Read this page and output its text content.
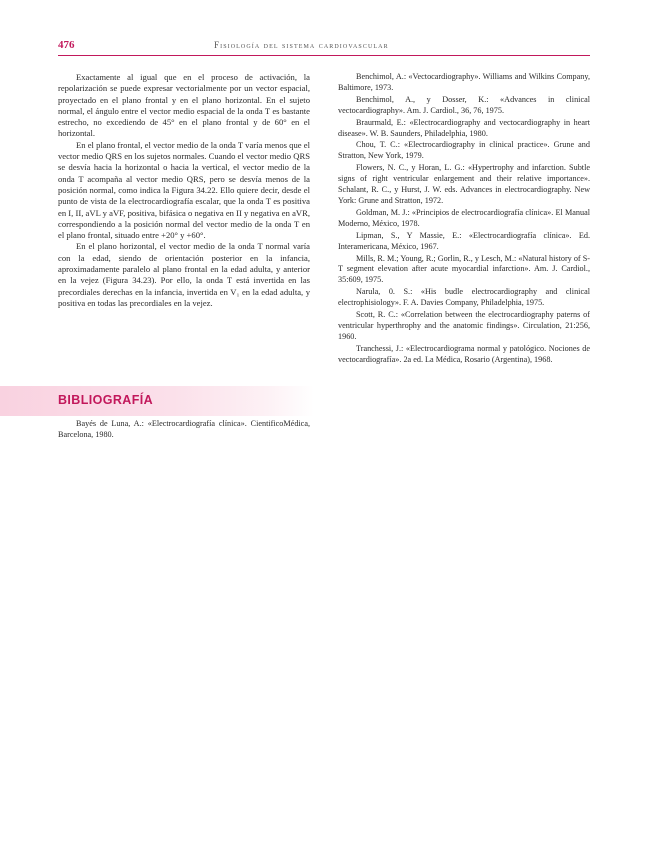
476	Fisiología del sistema cardiovascular

Exactamente al igual que en el proceso de activación, la repolarización se puede expresar vectorialmente por un vector espacial, proyectado en el plano frontal y en el plano horizontal. En el sujeto normal, el ángulo entre el vector medio espacial de la onda T es bastante estrecho, no excediendo de 45° en el plano frontal y de 60° en el horizontal.

En el plano frontal, el vector medio de la onda T varía menos que el vector medio QRS en los sujetos normales. Cuando el vector medio QRS se desvía hacia la horizontal o hacia la vertical, el vector medio de la onda T acompaña al vector medio QRS, pero se desvía menos de la posición normal, como indica la Figura 34.22. Ello quiere decir, desde el punto de vista de la electrocardiografía escalar, que la onda T es positiva en I, II, aVL y aVF, positiva, bifásica o negativa en II y negativa en aVR, correspondiendo a la posición normal del vector medio de la onda T en el plano frontal, situado entre +20° y +60°.

En el plano horizontal, el vector medio de la onda T normal varía con la edad, siendo de orientación posterior en la infancia, aproximadamente paralelo al plano frontal en la edad adulta, y anterior en la vejez (Figura 34.23). Por ello, la onda T está invertida en las precordiales derechas en la infancia, invertida en V₁ en la edad adulta, y positiva en todas las precordiales en la vejez.

BIBLIOGRAFÍA

Bayés de Luna, A.: «Electrocardiografía clínica». CientificoMédica, Barcelona, 1980.

Benchimol, A.: «Vectocardiography». Williams and Wilkins Company, Baltimore, 1973.

Benchimol, A., y Dosser, K.: «Advances in clinical vectocardiography». Am. J. Cardiol., 36, 76, 1975.

Braurmald, E.: «Electrocardiography and vectocardiography in heart disease». W. B. Saunders, Philadelphia, 1980.

Chou, T. C.: «Electrocardiography in clinical practice». Grune and Stratton, New York, 1979.

Flowers, N. C., y Horan, L. G.: «Hypertrophy and infarction. Subtle signs of right ventricular enlargement and their relative importance». Schalant, R. C., y Hurst, J. W. eds. Advances in electrocardiography. New York: Grune and Stratton, 1972.

Goldman, M. J.: «Principios de electrocardiografía clínica». El Manual Moderno, México, 1978.

Lipman, S., Y Massie, E.: «Electrocardiografía clínica». Ed. Interamericana, México, 1967.

Mills, R. M.; Young, R.; Gorlin, R., y Lesch, M.: «Natural history of S-T segment elevation after acute myocardial infarction». Am. J. Cardiol., 35:609, 1975.

Narula, 0. S.: «His budle electrocardiography and clinical electrophisiology». F. A. Davies Company, Philadelphia, 1975.

Scott, R. C.: «Correlation between the electrocardiography paterns of ventricular hyperthrophy and the anatomic findings». Circulation, 21:256, 1960.

Tranchessi, J.: «Electrocardiograma normal y patológico. Nociones de vectocardiografía». 2a ed. La Médica, Rosario (Argentina), 1968.
